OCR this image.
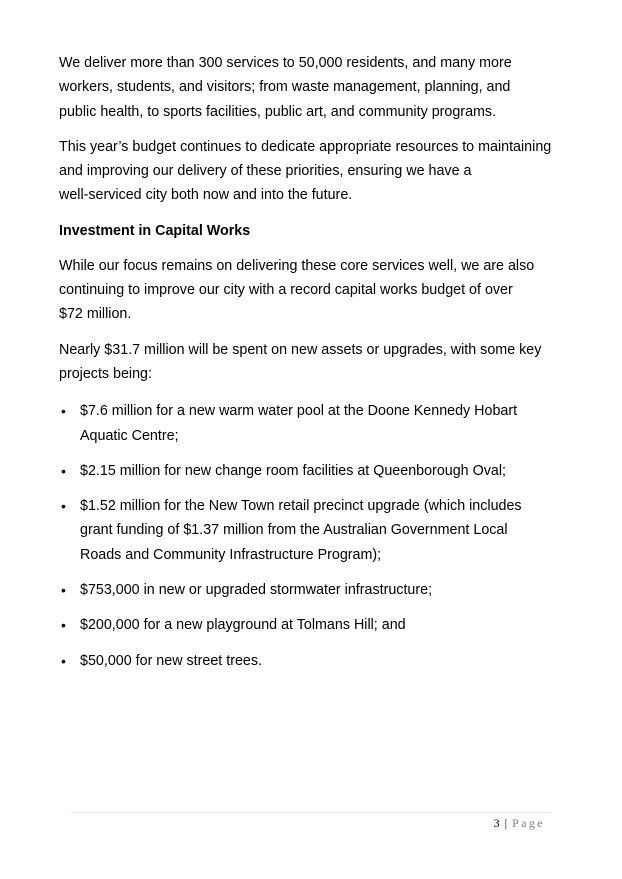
We deliver more than 300 services to 50,000 residents, and many more
workers, students, and visitors; from waste management, planning, and
public health, to sports facilities, public art, and community programs.

This year’s budget continues to dedicate appropriate resources to maintaining
and improving our delivery of these priorities, ensuring we have a
well-serviced city both now and into the future.

Investment in Capital Works

While our focus remains on delivering these core services well, we are also
continuing to improve our city with a record capital works budget of over
$72 million.

Nearly $31.7 million will be spent on new assets or upgrades, with some key
projects being:

• $7.6 million for a new warm water pool at the Doone Kennedy Hobart
Aquatic Centre;
• $2.15 million for new change room facilities at Queenborough Oval;
• $1.52 million for the New Town retail precinct upgrade (which includes
grant funding of $1.37 million from the Australian Government Local
Roads and Community Infrastructure Program);
• $753,000 in new or upgraded stormwater infrastructure;
• $200,000 for a new playground at Tolmans Hill; and
• $50,000 for new street trees.
3 | Page
